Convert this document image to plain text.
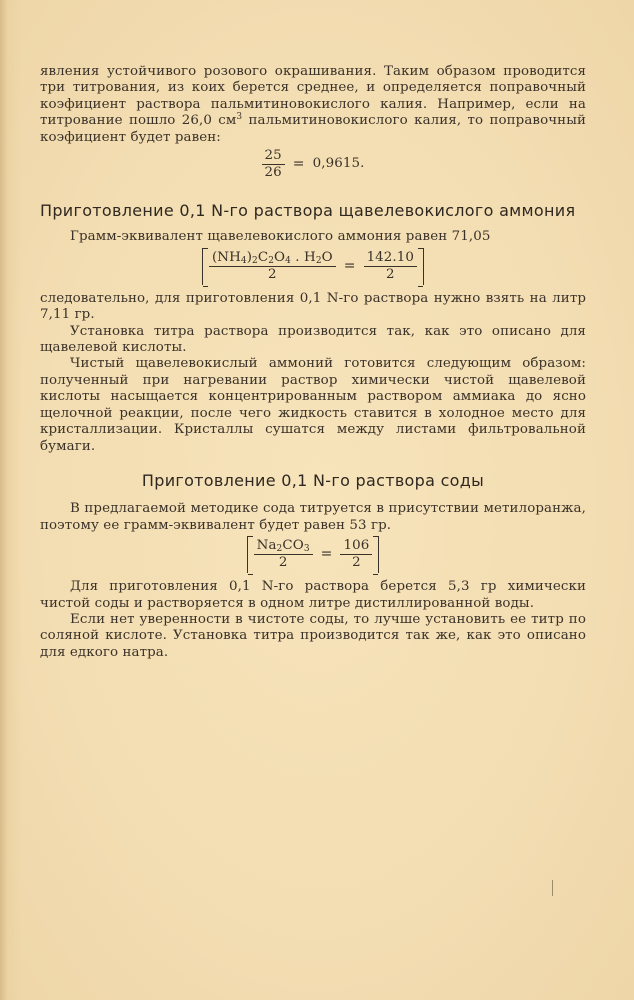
явления устойчивого розового окрашивания. Таким образом проводится три титрования, из коих берется среднее, и определяется поправочный коэфициент раствора пальмитиновокислого калия. Например, если на титрование пошло 26,0 $см^3$ пальмитиновокислого калия, то поправочный коэфициент будет равен:

$\frac{25}{26} = 0,9615$.
Приготовление 0,1 N-го раствора щавелевокислого аммония

Грамм-эквивалент щавелевокислого аммония равен 71,05

$\frac{(NH_4)_2C_2O_4 . H_2O}{2} = \frac{142.10}{2}$

следовательно, для приготовления 0,1 N-го раствора нужно взять на литр 7,11 гр.

Установка титра раствора производится так, как это описано для щавелевой кислоты.

Чистый щавелевокислый аммоний готовится следующим образом: полученный при нагревании раствор химически чистой щавелевой кислоты насыщается концентрированным раствором аммиака до ясно щелочной реакции, после чего жидкость ставится в холодное место для кристаллизации. Кристаллы сушатся между листами фильтровальной бумаги.

Приготовление 0,1 N-го раствора соды

В предлагаемой методике сода титруется в присутствии метилоранжа, поэтому ее грамм-эквивалент будет равен 53 гр.

$\frac{Na_2CO_3}{2} = \frac{106}{2}$

Для приготовления 0,1 N-го раствора берется 5,3 гр химически чистой соды и растворяется в одном литре дистиллированной воды.

Если нет уверенности в чистоте соды, то лучше установить ее титр по соляной кислоте. Установка титра производится так же, как это описано для едкого натра.
